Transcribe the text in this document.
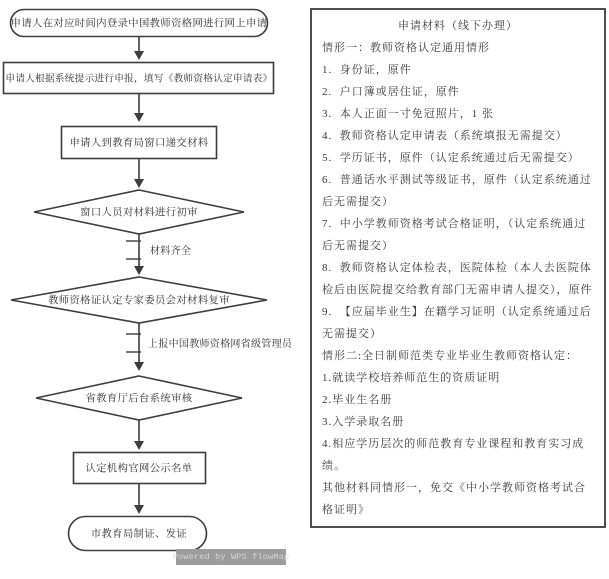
申请人在对应时间内登录中国教师资格网进行网上申请
申请人根据系统提示进行申报，填写《教师资格认定申请表》
申请人到教育局窗口递交材料
窗口人员对材料进行初审
材料齐全
教师资格证认定专家委员会对材料复审
上报中国教师资格网省级管理员
省教育厅后台系统审核
认定机构官网公示名单
市教育局制证、发证
Powered by WPS flowMap

申请材料（线下办理）

情形一：教师资格认定通用情形

1.  身份证，原件

2.  户口簿或居住证，原件

3.  本人正面一寸免冠照片，1 张

4.  教师资格认定申请表（系统填报无需提交）

5.  学历证书，原件（认定系统通过后无需提交）

6.  普通话水平测试等级证书，原件（认定系统通过后无需提交）

7.  中小学教师资格考试合格证明，（认定系统通过后无需提交）

8.  教师资格认定体检表，医院体检（本人去医院体检后由医院提交给教育部门无需申请人提交），原件

9.  【应届毕业生】在籍学习证明（认定系统通过后无需提交）

情形二:全日制师范类专业毕业生教师资格认定：

1.就读学校培养师范生的资质证明

2.毕业生名册

3.入学录取名册

4.相应学历层次的师范教育专业课程和教育实习成绩。

其他材料同情形一，免交《中小学教师资格考试合格证明》
